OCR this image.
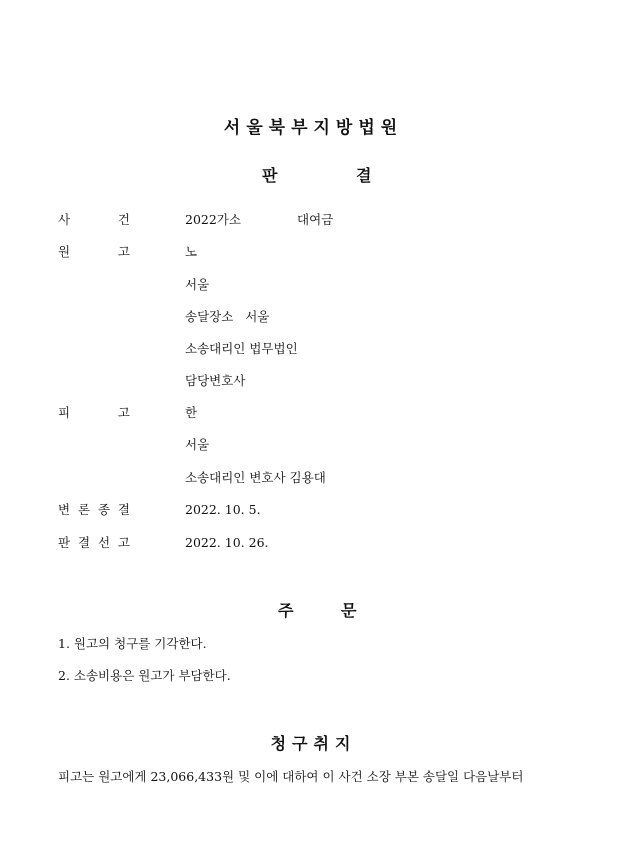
서울북부지방법원
판	결
사	건	2022가소	대여금
원	고	노
서울
송달장소 서울
소송대리인 법무법인
담당변호사
피	고	한
서울
소송대리인 변호사 김용대
변 론 종 결	2022. 10. 5.
판 결 선 고	2022. 10. 26.
주	문
1. 원고의 청구를 기각한다.
2. 소송비용은 원고가 부담한다.
청구취지
피고는 원고에게 23,066,433원 및 이에 대하여 이 사건 소장 부본 송달일 다음날부터
